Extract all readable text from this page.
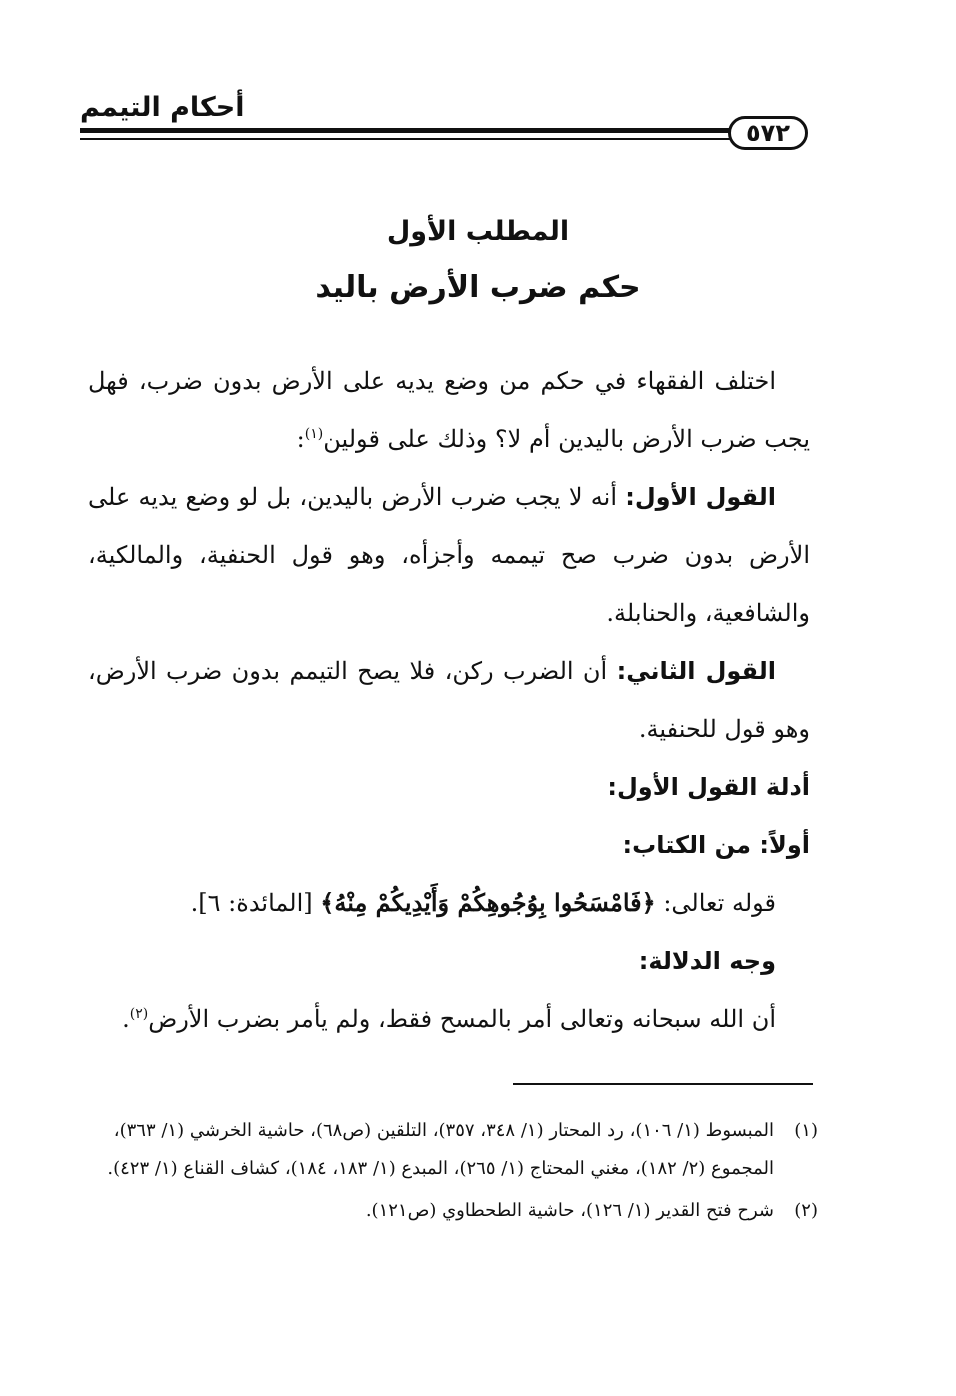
أحكام التيمم
٥٧٢
المطلب الأول
حكم ضرب الأرض باليد

اختلف الفقهاء في حكم من وضع يديه على الأرض بدون ضرب، فهل يجب ضرب الأرض باليدين أم لا؟ وذلك على قولين$^{(١)}$:

القول الأول: أنه لا يجب ضرب الأرض باليدين، بل لو وضع يديه على الأرض بدون ضرب صح تيممه وأجزأه، وهو قول الحنفية، والمالكية، والشافعية، والحنابلة.

القول الثاني: أن الضرب ركن، فلا يصح التيمم بدون ضرب الأرض، وهو قول للحنفية.

أدلة القول الأول:

أولاً: من الكتاب:

قوله تعالى: ﴿فَامْسَحُوا بِوُجُوهِكُمْ وَأَيْدِيكُمْ مِنْهُ﴾ [المائدة: ٦].

وجه الدلالة:

أن الله سبحانه وتعالى أمر بالمسح فقط، ولم يأمر بضرب الأرض$^{(٢)}$.

(١)المبسوط (١/ ١٠٦)، رد المحتار (١/ ٣٤٨، ٣٥٧)، التلقين (ص٦٨)، حاشية الخرشي (١/ ٣٦٣)، المجموع (٢/ ١٨٢)، مغني المحتاج (١/ ٢٦٥)، المبدع (١/ ١٨٣، ١٨٤)، كشاف القناع (١/ ٤٢٣).

(٢)شرح فتح القدير (١/ ١٢٦)، حاشية الطحطاوي (ص١٢١).
